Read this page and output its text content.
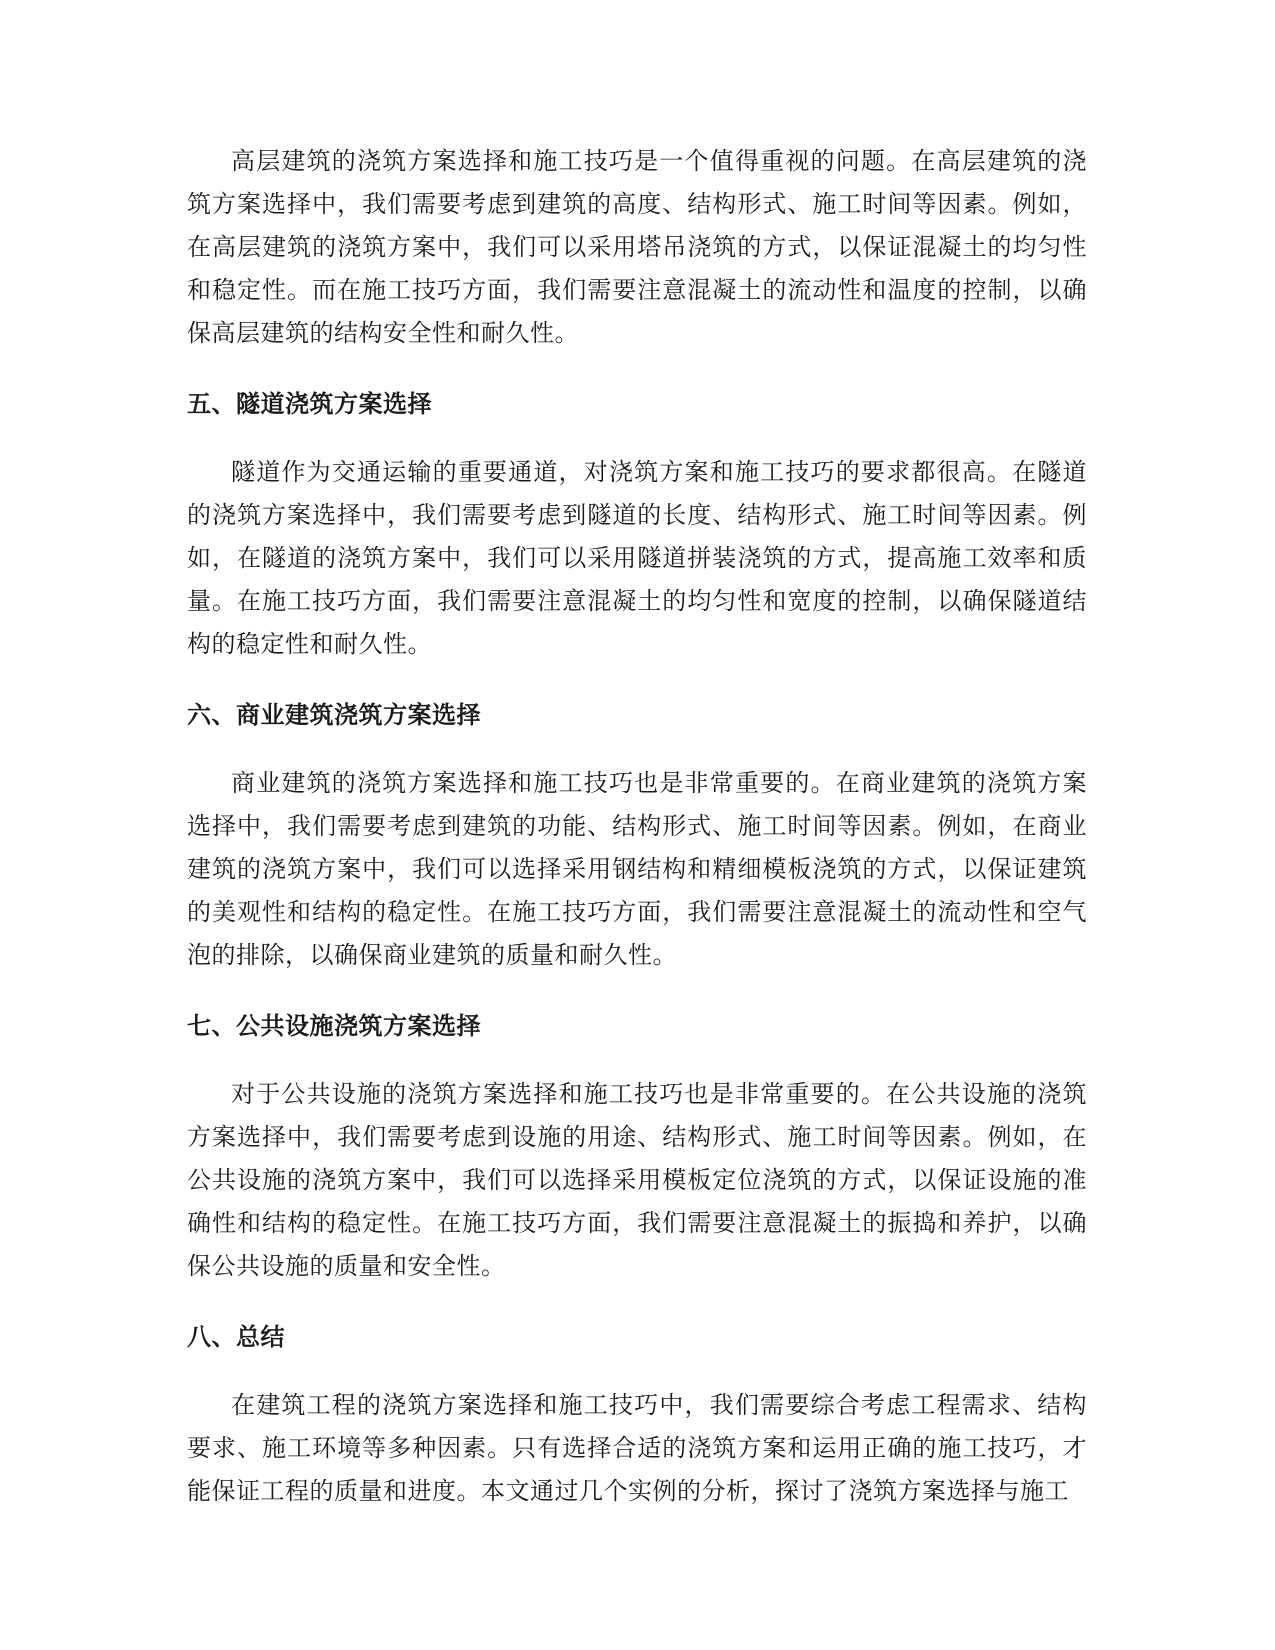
高层建筑的浇筑方案选择和施工技巧是一个值得重视的问题。在高层建筑的浇筑方案选择中，我们需要考虑到建筑的高度、结构形式、施工时间等因素。例如，在高层建筑的浇筑方案中，我们可以采用塔吊浇筑的方式，以保证混凝土的均匀性和稳定性。而在施工技巧方面，我们需要注意混凝土的流动性和温度的控制，以确保高层建筑的结构安全性和耐久性。

五、隧道浇筑方案选择

隧道作为交通运输的重要通道，对浇筑方案和施工技巧的要求都很高。在隧道的浇筑方案选择中，我们需要考虑到隧道的长度、结构形式、施工时间等因素。例如，在隧道的浇筑方案中，我们可以采用隧道拼装浇筑的方式，提高施工效率和质量。在施工技巧方面，我们需要注意混凝土的均匀性和宽度的控制，以确保隧道结构的稳定性和耐久性。

六、商业建筑浇筑方案选择

商业建筑的浇筑方案选择和施工技巧也是非常重要的。在商业建筑的浇筑方案选择中，我们需要考虑到建筑的功能、结构形式、施工时间等因素。例如，在商业建筑的浇筑方案中，我们可以选择采用钢结构和精细模板浇筑的方式，以保证建筑的美观性和结构的稳定性。在施工技巧方面，我们需要注意混凝土的流动性和空气泡的排除，以确保商业建筑的质量和耐久性。

七、公共设施浇筑方案选择

对于公共设施的浇筑方案选择和施工技巧也是非常重要的。在公共设施的浇筑方案选择中，我们需要考虑到设施的用途、结构形式、施工时间等因素。例如，在公共设施的浇筑方案中，我们可以选择采用模板定位浇筑的方式，以保证设施的准确性和结构的稳定性。在施工技巧方面，我们需要注意混凝土的振捣和养护，以确保公共设施的质量和安全性。

八、总结

在建筑工程的浇筑方案选择和施工技巧中，我们需要综合考虑工程需求、结构要求、施工环境等多种因素。只有选择合适的浇筑方案和运用正确的施工技巧，才能保证工程的质量和进度。本文通过几个实例的分析，探讨了浇筑方案选择与施工
